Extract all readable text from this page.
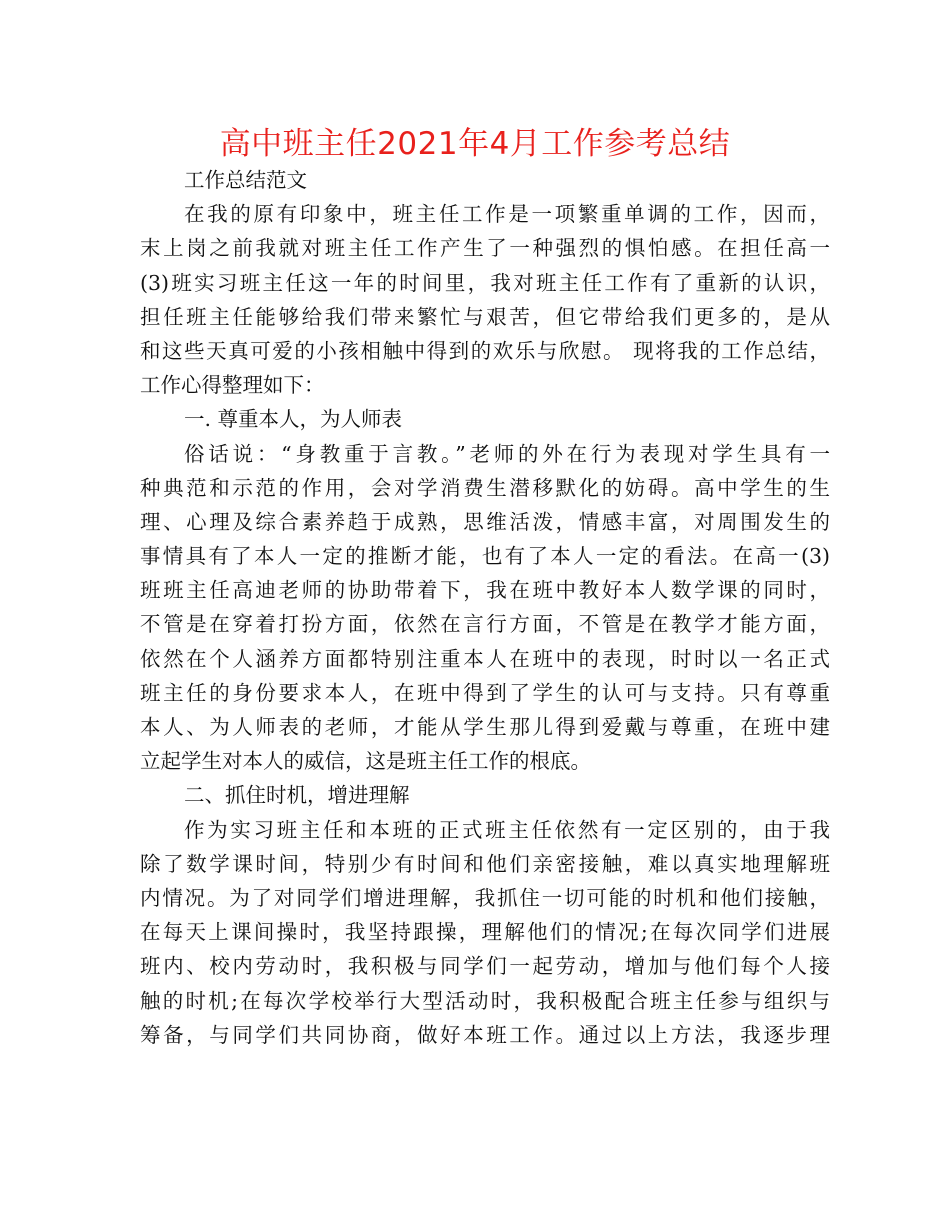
高中班主任2021年4月工作参考总结
工作总结范文
在我的原有印象中，班主任工作是一项繁重单调的工作，因而，
末上岗之前我就对班主任工作产生了一种强烈的惧怕感。在担任高一
(3)班实习班主任这一年的时间里，我对班主任工作有了重新的认识，
担任班主任能够给我们带来繁忙与艰苦，但它带给我们更多的，是从
和这些天真可爱的小孩相触中得到的欢乐与欣慰。 现将我的工作总结，
工作心得整理如下：
一. 尊重本人，为人师表
俗话说：“身教重于言教。”老师的外在行为表现对学生具有一
种典范和示范的作用，会对学消费生潜移默化的妨碍。高中学生的生
理、心理及综合素养趋于成熟，思维活泼，情感丰富，对周围发生的
事情具有了本人一定的推断才能，也有了本人一定的看法。在高一(3)
班班主任高迪老师的协助带着下，我在班中教好本人数学课的同时，
不管是在穿着打扮方面，依然在言行方面，不管是在教学才能方面，
依然在个人涵养方面都特别注重本人在班中的表现，时时以一名正式
班主任的身份要求本人，在班中得到了学生的认可与支持。只有尊重
本人、为人师表的老师，才能从学生那儿得到爱戴与尊重，在班中建
立起学生对本人的威信，这是班主任工作的根底。
二、抓住时机，增进理解
作为实习班主任和本班的正式班主任依然有一定区别的，由于我
除了数学课时间，特别少有时间和他们亲密接触，难以真实地理解班
内情况。为了对同学们增进理解，我抓住一切可能的时机和他们接触，
在每天上课间操时，我坚持跟操，理解他们的情况;在每次同学们进展
班内、校内劳动时，我积极与同学们一起劳动，增加与他们每个人接
触的时机;在每次学校举行大型活动时，我积极配合班主任参与组织与
筹备，与同学们共同协商，做好本班工作。通过以上方法，我逐步理
